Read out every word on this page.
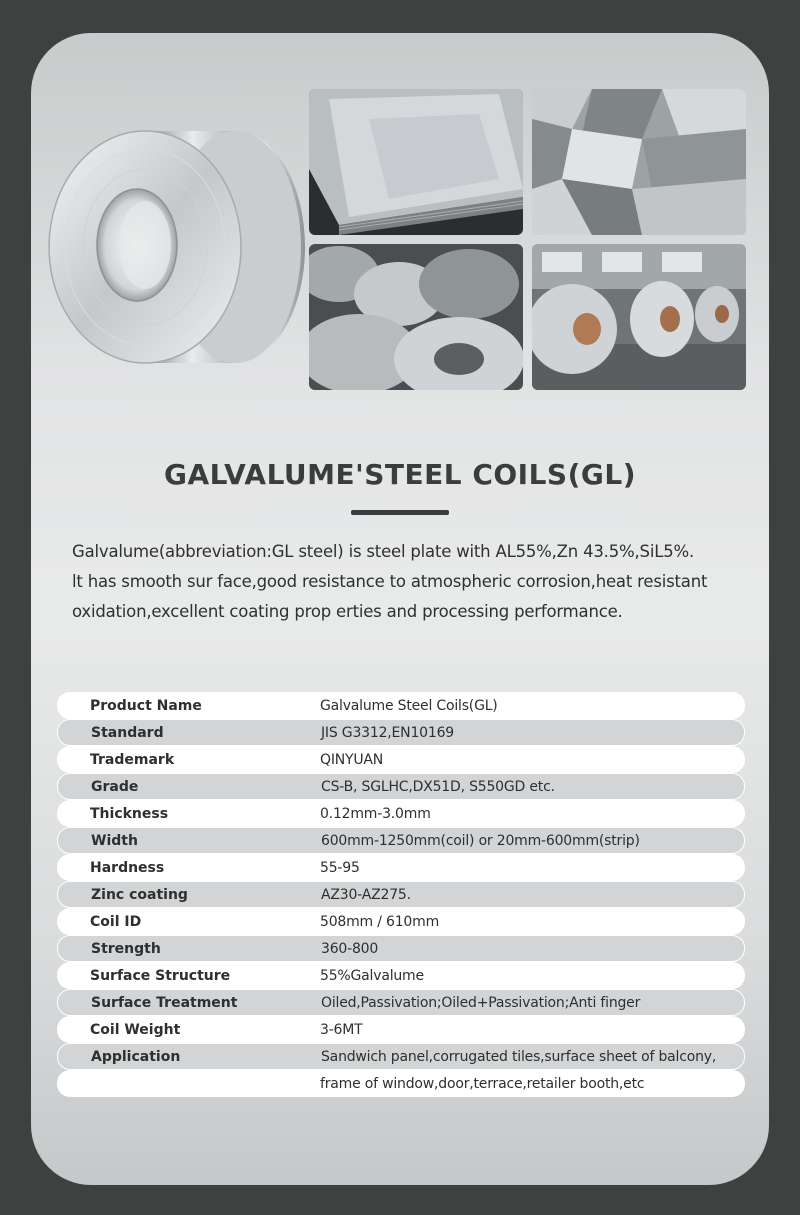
GALVALUME'STEEL COILS(GL)

Galvalume(abbreviation:GL steel) is steel plate with AL55%,Zn 43.5%,SiL5%.

lt has smooth sur face,good resistance to atmospheric corrosion,heat resistant

oxidation,excellent coating prop erties and processing performance.

Product Name	Galvalume Steel Coils(GL)
Standard	JIS G3312,EN10169
Trademark	QINYUAN
Grade	CS-B, SGLHC,DX51D, S550GD etc.
Thickness	0.12mm-3.0mm
Width	600mm-1250mm(coil) or 20mm-600mm(strip)
Hardness	55-95
Zinc coating	AZ30-AZ275.
Coil ID	508mm / 610mm
Strength	360-800
Surface Structure	55%Galvalume
Surface Treatment	Oiled,Passivation;Oiled+Passivation;Anti finger
Coil Weight	3-6MT
Application	Sandwich panel,corrugated tiles,surface sheet of balcony,
frame of window,door,terrace,retailer booth,etc
